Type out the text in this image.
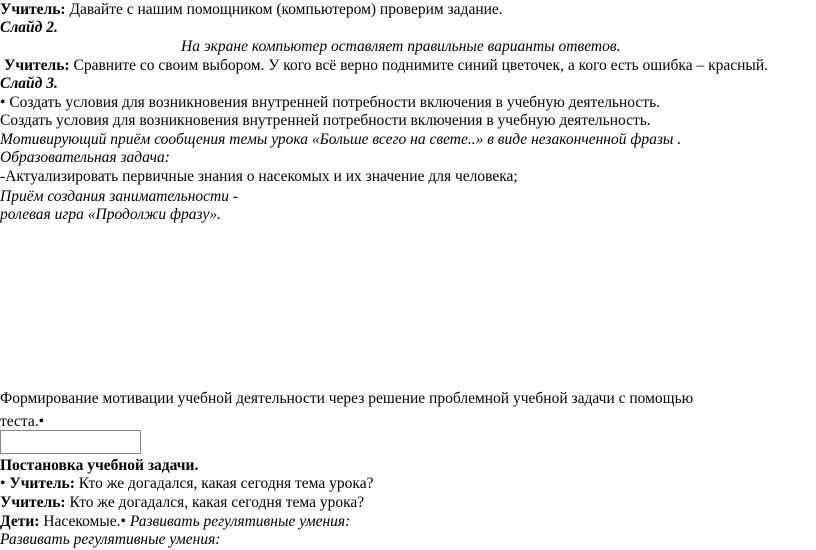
Учитель: Давайте с нашим помощником (компьютером) проверим задание.
Слайд 2.
На экране компьютер оставляет правильные варианты ответов.
Учитель: Сравните со своим выбором. У кого всё верно поднимите синий цветочек, а кого есть ошибка – красный.
Слайд 3.
• Создать условия для возникновения внутренней потребности включения в учебную деятельность.
Создать условия для возникновения внутренней потребности включения в учебную деятельность.
Мотивирующий приём сообщения темы урока «Больше всего на свете..» в виде незаконченной фразы .
Образовательная задача:
-Актуализировать первичные знания о насекомых и их значение для человека;
Приём создания занимательности -
ролевая игра «Продолжи фразу».
Формирование мотивации учебной деятельности через решение проблемной учебной задачи с помощью
теста.•
Постановка учебной задачи.
• Учитель: Кто же догадался, какая сегодня тема урока?
Учитель: Кто же догадался, какая сегодня тема урока?
Дети: Насекомые.• Развивать регулятивные умения:
Развивать регулятивные умения:
